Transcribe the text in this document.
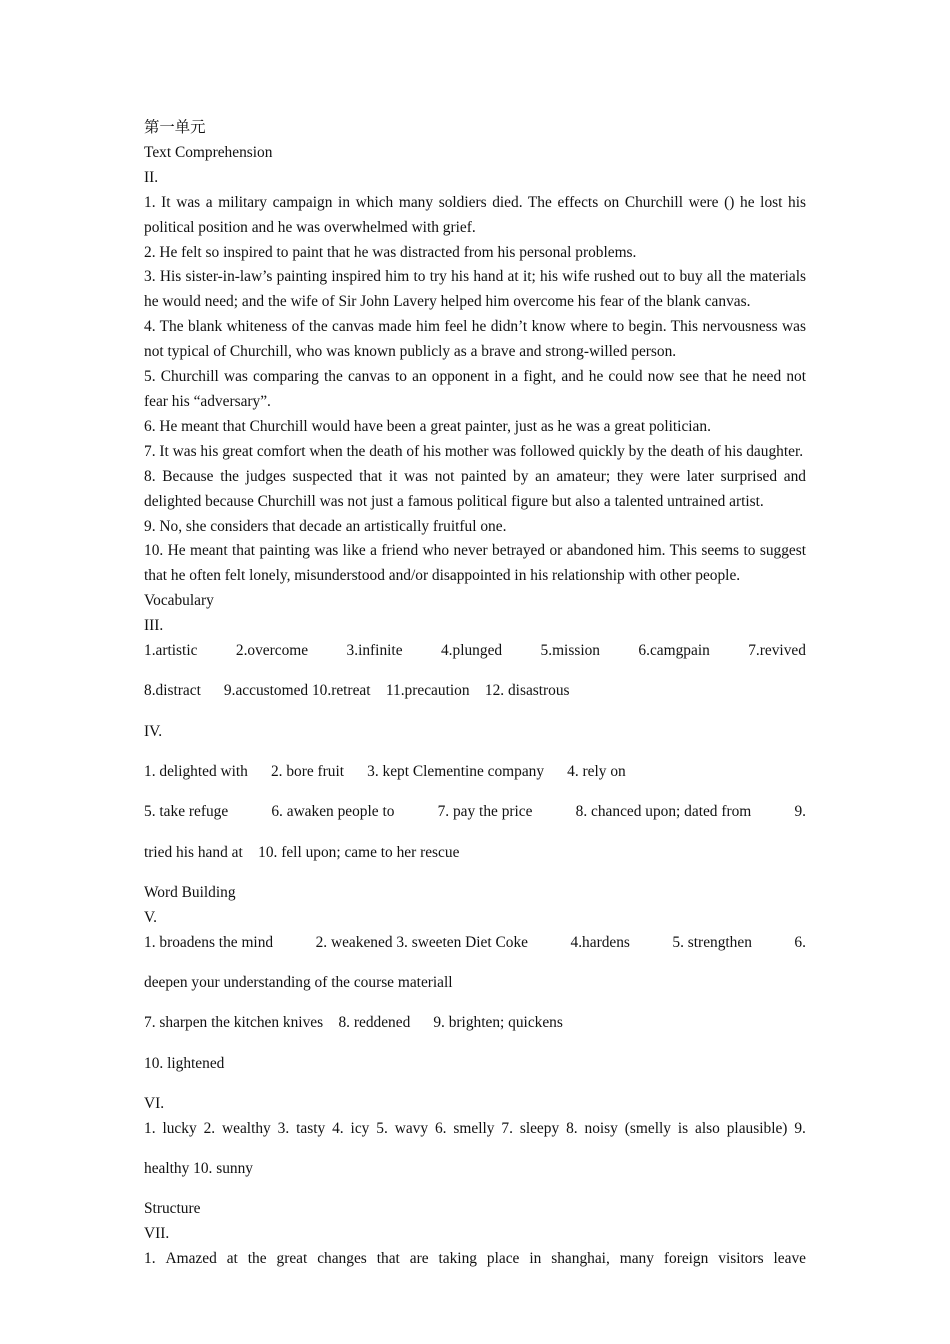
第一单元

Text Comprehension

II.

1. It was a military campaign in which many soldiers died. The effects on Churchill were () he lost his political position and he was overwhelmed with grief.

2. He felt so inspired to paint that he was distracted from his personal problems.

3. His sister-in-law’s painting inspired him to try his hand at it; his wife rushed out to buy all the materials he would need; and the wife of Sir John Lavery helped him overcome his fear of the blank canvas.

4. The blank whiteness of the canvas made him feel he didn’t know where to begin. This nervousness was not typical of Churchill, who was known publicly as a brave and strong-willed person.

5. Churchill was comparing the canvas to an opponent in a fight, and he could now see that he need not fear his “adversary”.

6. He meant that Churchill would have been a great painter, just as he was a great politician.

7. It was his great comfort when the death of his mother was followed quickly by the death of his daughter.

8. Because the judges suspected that it was not painted by an amateur; they were later surprised and delighted because Churchill was not just a famous political figure but also a talented untrained artist.

9. No, she considers that decade an artistically fruitful one.

10. He meant that painting was like a friend who never betrayed or abandoned him. This seems to suggest that he often felt lonely, misunderstood and/or disappointed in his relationship with other people.

Vocabulary

III.

1.artistic 2.overcome 3.infinite 4.plunged 5.mission 6.camgpain 7.revived

8.distract      9.accustomed 10.retreat    11.precaution    12. disastrous

IV.

1. delighted with      2. bore fruit      3. kept Clementine company      4. rely on

5. take refuge	6. awaken people to	7. pay the price	8. chanced upon; dated from	9.

tried his hand at    10. fell upon; came to her rescue

Word Building

V.

1. broadens the mind	2. weakened 3. sweeten Diet Coke	4.hardens	5. strengthen	6.

deepen your understanding of the course materiall

7. sharpen the kitchen knives    8. reddened      9. brighten; quickens

10. lightened

VI.

1. lucky 2. wealthy 3. tasty 4. icy 5. wavy 6. smelly 7. sleepy 8. noisy (smelly is also plausible) 9.

healthy 10. sunny

Structure

VII.

1. Amazed at the great changes that are taking place in shanghai, many foreign visitors leave
